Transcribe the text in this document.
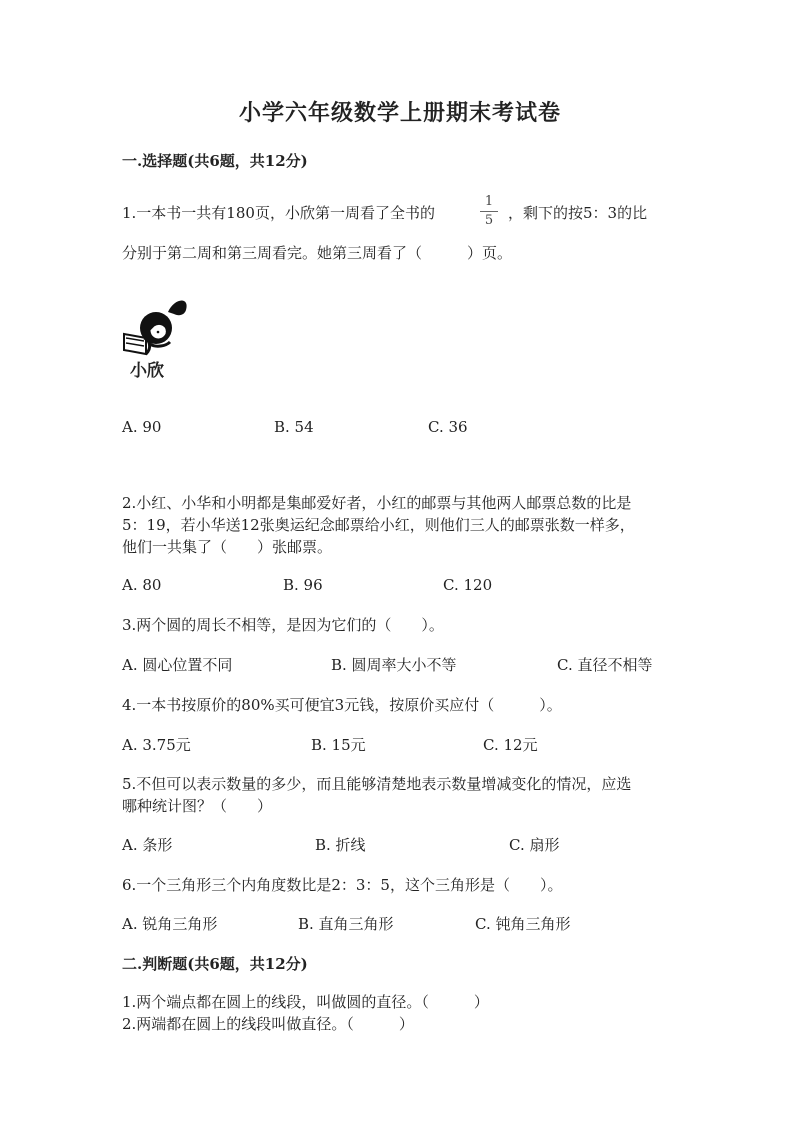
小学六年级数学上册期末考试卷
一.选择题(共6题，共12分)
1.一本书一共有180页，小欣第一周看了全书的
1
5 ，剩下的按5：3的比
分别于第二周和第三周看完。她第三周看了（　　　）页。
小欣
A. 90	B. 54	C. 36
2.小红、小华和小明都是集邮爱好者，小红的邮票与其他两人邮票总数的比是
5：19，若小华送12张奥运纪念邮票给小红，则他们三人的邮票张数一样多，
他们一共集了（　　）张邮票。
A. 80	B. 96	C. 120
3.两个圆的周长不相等，是因为它们的（　　）。
A. 圆心位置不同	B. 圆周率大小不等	C. 直径不相等
4.一本书按原价的80%买可便宜3元钱，按原价买应付（　　　）。
A. 3.75元	B. 15元	C. 12元
5.不但可以表示数量的多少，而且能够清楚地表示数量增减变化的情况，应选
哪种统计图？（　　）
A. 条形	B. 折线	C. 扇形
6.一个三角形三个内角度数比是2：3：5，这个三角形是（　　）。
A. 锐角三角形	B. 直角三角形	C. 钝角三角形
二.判断题(共6题，共12分)
1.两个端点都在圆上的线段，叫做圆的直径。（　　　）
2.两端都在圆上的线段叫做直径。（　　　）
